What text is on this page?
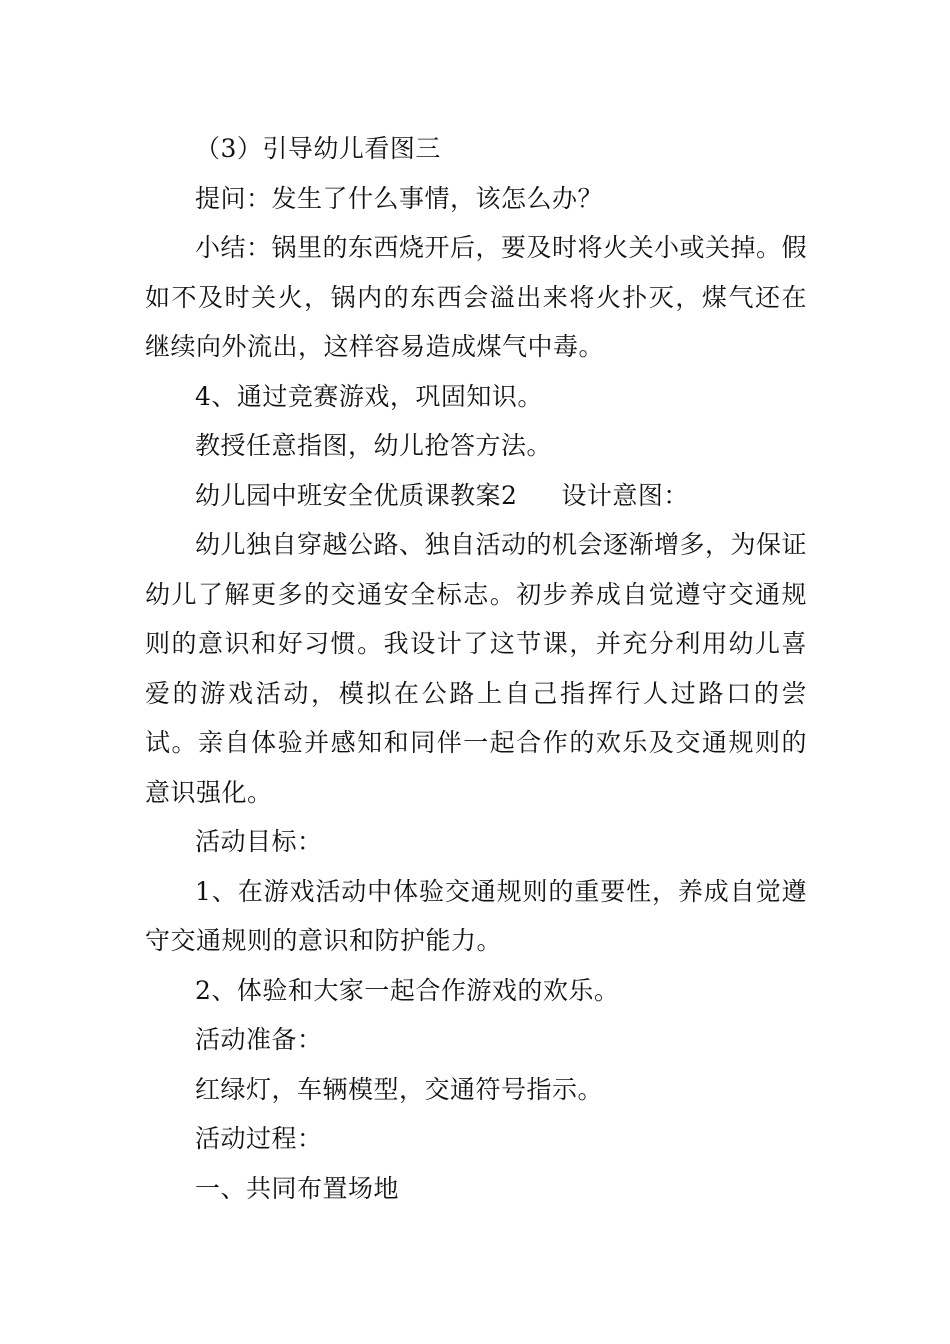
（3）引导幼儿看图三

提问：发生了什么事情，该怎么办？

小结：锅里的东西烧开后，要及时将火关小或关掉。假如不及时关火，锅内的东西会溢出来将火扑灭，煤气还在继续向外流出，这样容易造成煤气中毒。

4、通过竞赛游戏，巩固知识。

教授任意指图，幼儿抢答方法。

幼儿园中班安全优质课教案2 设计意图：

幼儿独自穿越公路、独自活动的机会逐渐增多，为保证幼儿了解更多的交通安全标志。初步养成自觉遵守交通规则的意识和好习惯。我设计了这节课，并充分利用幼儿喜爱的游戏活动，模拟在公路上自己指挥行人过路口的尝试。亲自体验并感知和同伴一起合作的欢乐及交通规则的意识强化。

活动目标：

1、在游戏活动中体验交通规则的重要性，养成自觉遵守交通规则的意识和防护能力。

2、体验和大家一起合作游戏的欢乐。

活动准备：

红绿灯，车辆模型，交通符号指示。

活动过程：

一、共同布置场地
